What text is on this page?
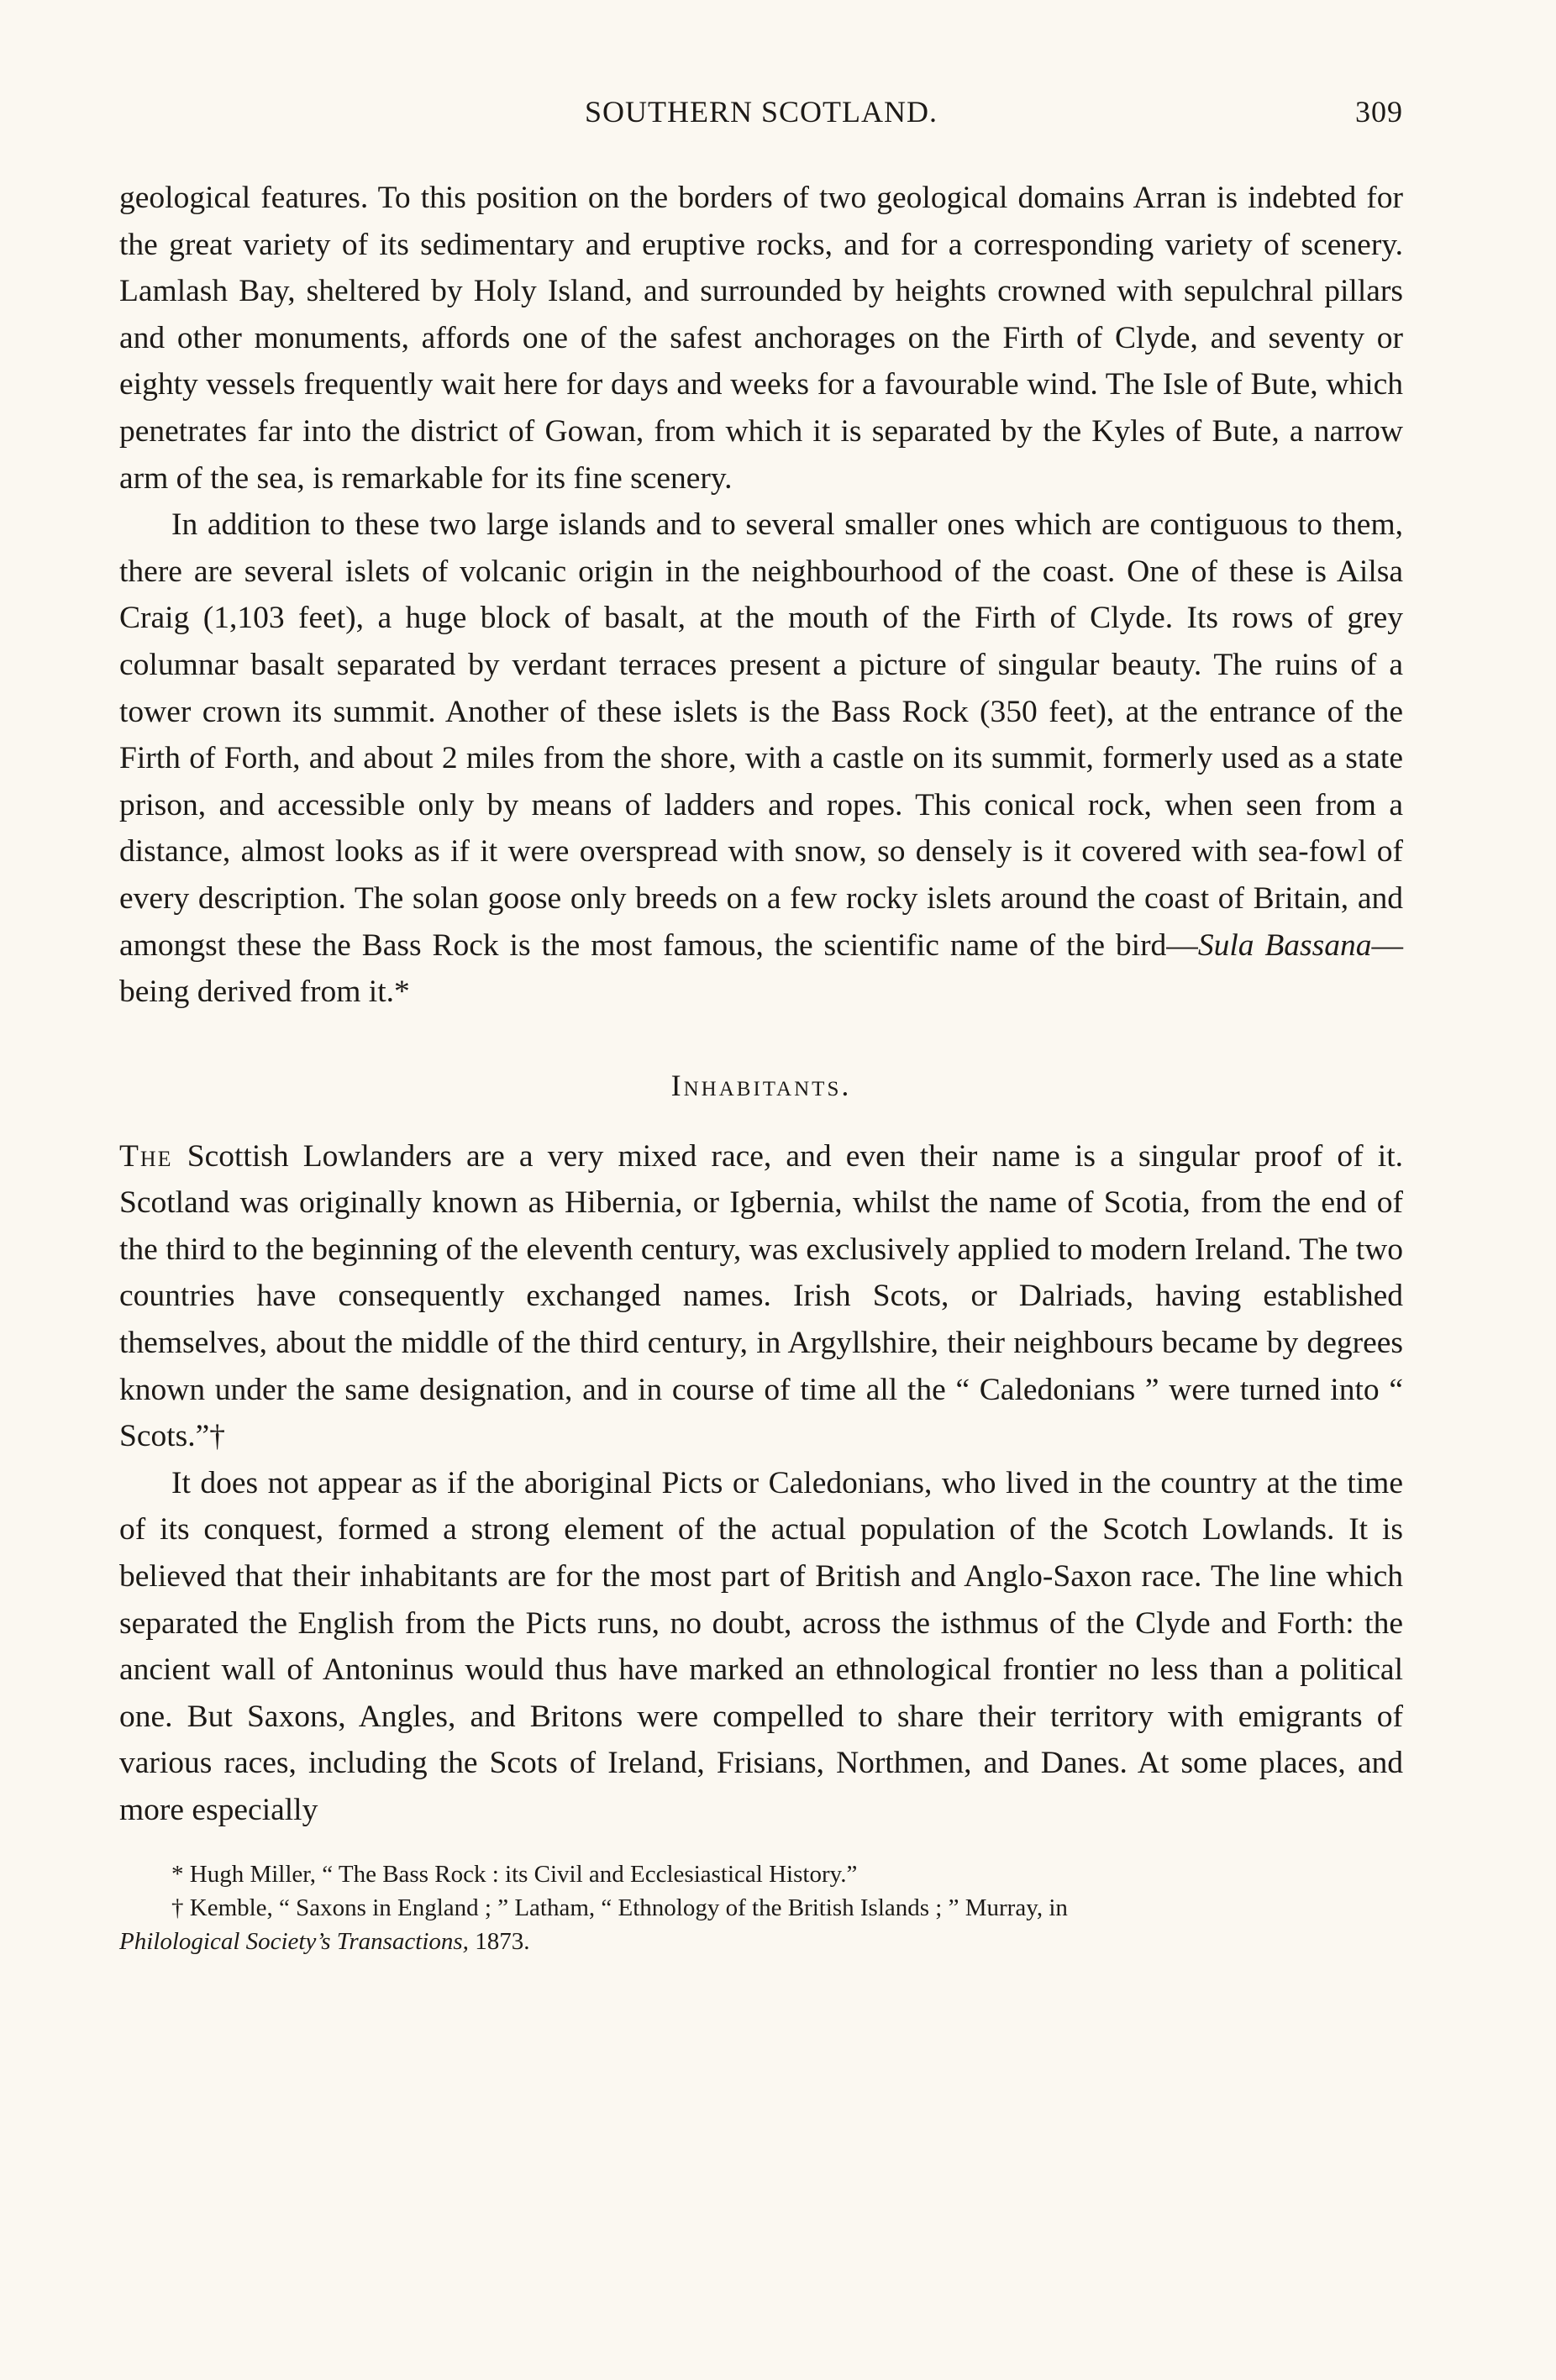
SOUTHERN SCOTLAND.	309

geological features. To this position on the borders of two geological domains Arran is indebted for the great variety of its sedimentary and eruptive rocks, and for a corresponding variety of scenery. Lamlash Bay, sheltered by Holy Island, and surrounded by heights crowned with sepulchral pillars and other monuments, affords one of the safest anchorages on the Firth of Clyde, and seventy or eighty vessels frequently wait here for days and weeks for a favourable wind. The Isle of Bute, which penetrates far into the district of Gowan, from which it is separated by the Kyles of Bute, a narrow arm of the sea, is remarkable for its fine scenery.

In addition to these two large islands and to several smaller ones which are contiguous to them, there are several islets of volcanic origin in the neighbourhood of the coast. One of these is Ailsa Craig (1,103 feet), a huge block of basalt, at the mouth of the Firth of Clyde. Its rows of grey columnar basalt separated by verdant terraces present a picture of singular beauty. The ruins of a tower crown its summit. Another of these islets is the Bass Rock (350 feet), at the entrance of the Firth of Forth, and about 2 miles from the shore, with a castle on its summit, formerly used as a state prison, and accessible only by means of ladders and ropes. This conical rock, when seen from a distance, almost looks as if it were overspread with snow, so densely is it covered with sea-fowl of every description. The solan goose only breeds on a few rocky islets around the coast of Britain, and amongst these the Bass Rock is the most famous, the scientific name of the bird—Sula Bassana—being derived from it.*

Inhabitants.

The Scottish Lowlanders are a very mixed race, and even their name is a singular proof of it. Scotland was originally known as Hibernia, or Igbernia, whilst the name of Scotia, from the end of the third to the beginning of the eleventh century, was exclusively applied to modern Ireland. The two countries have consequently exchanged names. Irish Scots, or Dalriads, having established themselves, about the middle of the third century, in Argyllshire, their neighbours became by degrees known under the same designation, and in course of time all the “ Caledonians ” were turned into “ Scots.”†

It does not appear as if the aboriginal Picts or Caledonians, who lived in the country at the time of its conquest, formed a strong element of the actual population of the Scotch Lowlands. It is believed that their inhabitants are for the most part of British and Anglo-Saxon race. The line which separated the English from the Picts runs, no doubt, across the isthmus of the Clyde and Forth: the ancient wall of Antoninus would thus have marked an ethnological frontier no less than a political one. But Saxons, Angles, and Britons were compelled to share their territory with emigrants of various races, including the Scots of Ireland, Frisians, Northmen, and Danes. At some places, and more especially

* Hugh Miller, “ The Bass Rock : its Civil and Ecclesiastical History.”

† Kemble, “ Saxons in England ; ” Latham, “ Ethnology of the British Islands ; ” Murray, in

Philological Society’s Transactions, 1873.
